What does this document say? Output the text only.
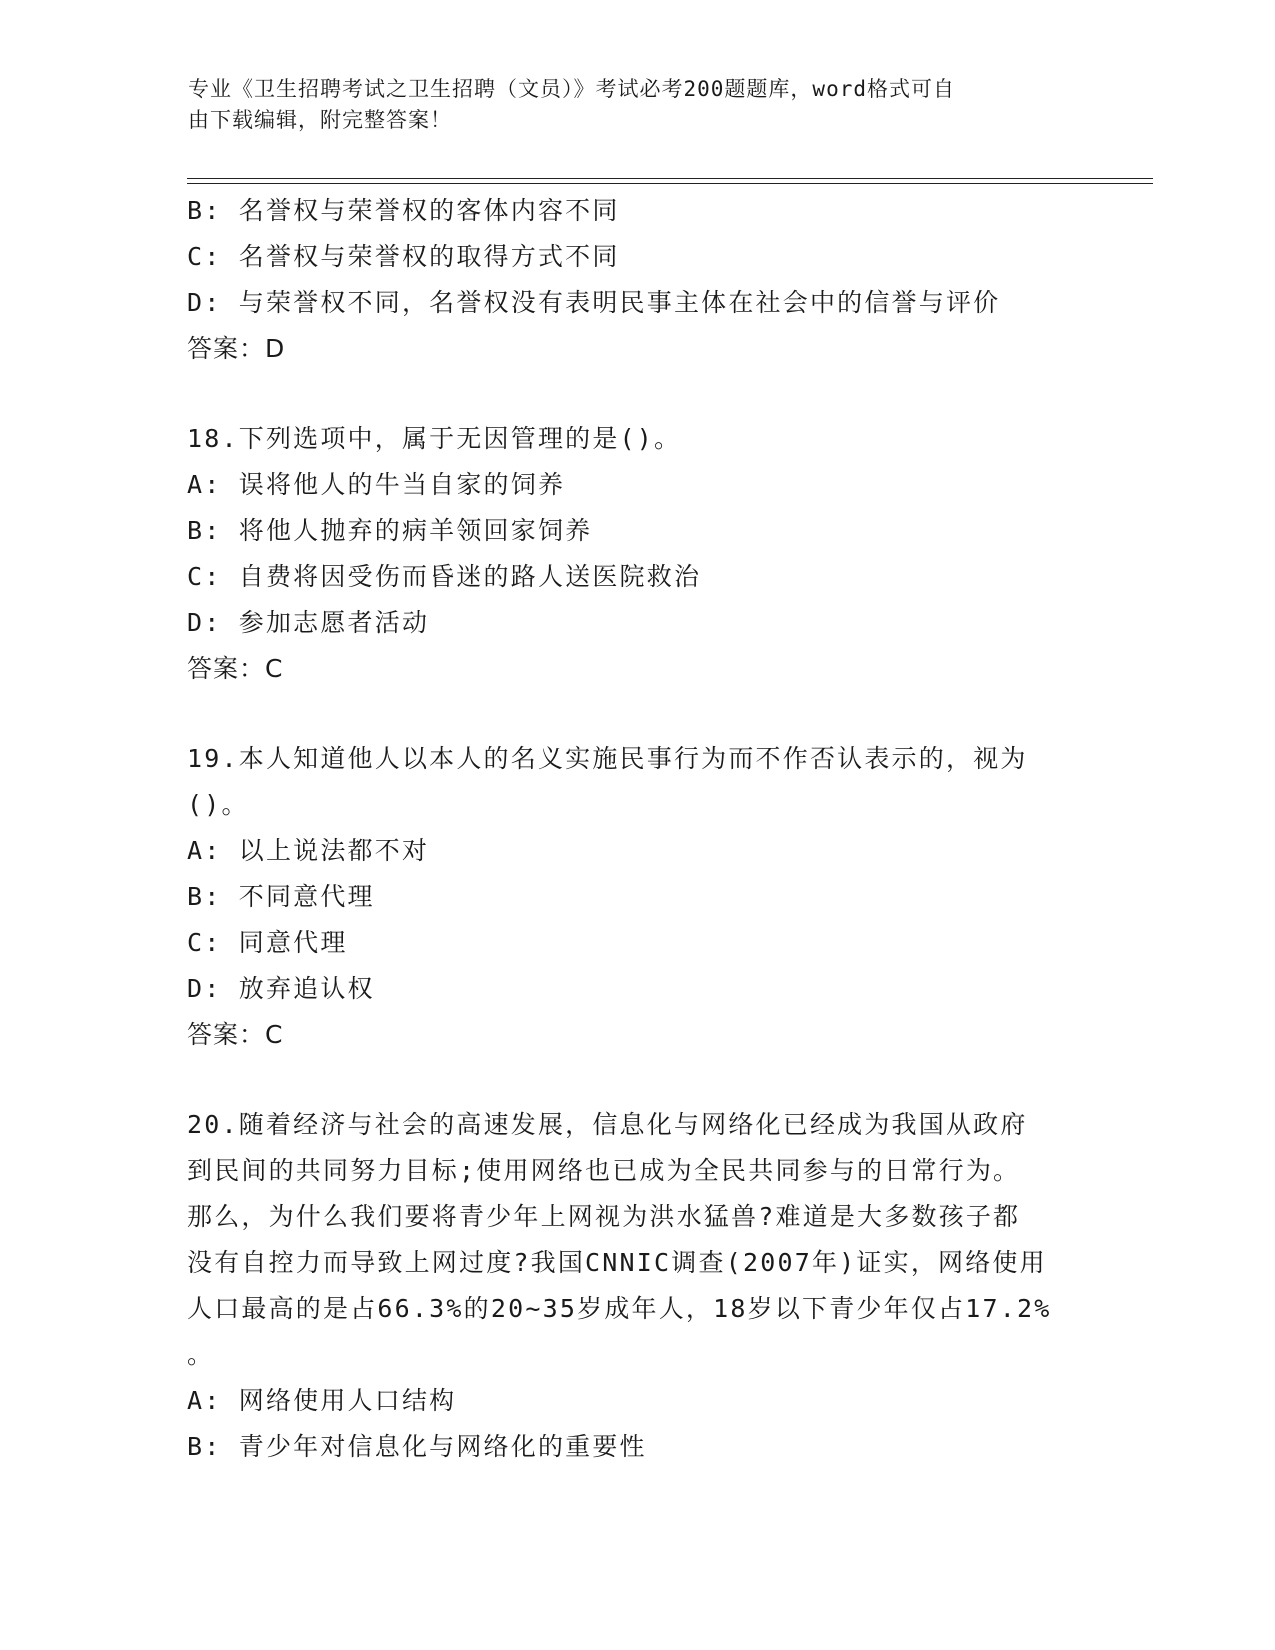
专业《卫生招聘考试之卫生招聘（文员）》考试必考200题题库，word格式可自
由下载编辑，附完整答案！
B: 名誉权与荣誉权的客体内容不同
C: 名誉权与荣誉权的取得方式不同
D: 与荣誉权不同，名誉权没有表明民事主体在社会中的信誉与评价
答案：D
18.下列选项中，属于无因管理的是()。
A: 误将他人的牛当自家的饲养
B: 将他人抛弃的病羊领回家饲养
C: 自费将因受伤而昏迷的路人送医院救治
D: 参加志愿者活动
答案：C
19.本人知道他人以本人的名义实施民事行为而不作否认表示的，视为
()。
A: 以上说法都不对
B: 不同意代理
C: 同意代理
D: 放弃追认权
答案：C
20.随着经济与社会的高速发展，信息化与网络化已经成为我国从政府
到民间的共同努力目标;使用网络也已成为全民共同参与的日常行为。
那么，为什么我们要将青少年上网视为洪水猛兽?难道是大多数孩子都
没有自控力而导致上网过度?我国CNNIC调查(2007年)证实，网络使用
人口最高的是占66.3%的20~35岁成年人，18岁以下青少年仅占17.2%
。
A: 网络使用人口结构
B: 青少年对信息化与网络化的重要性
